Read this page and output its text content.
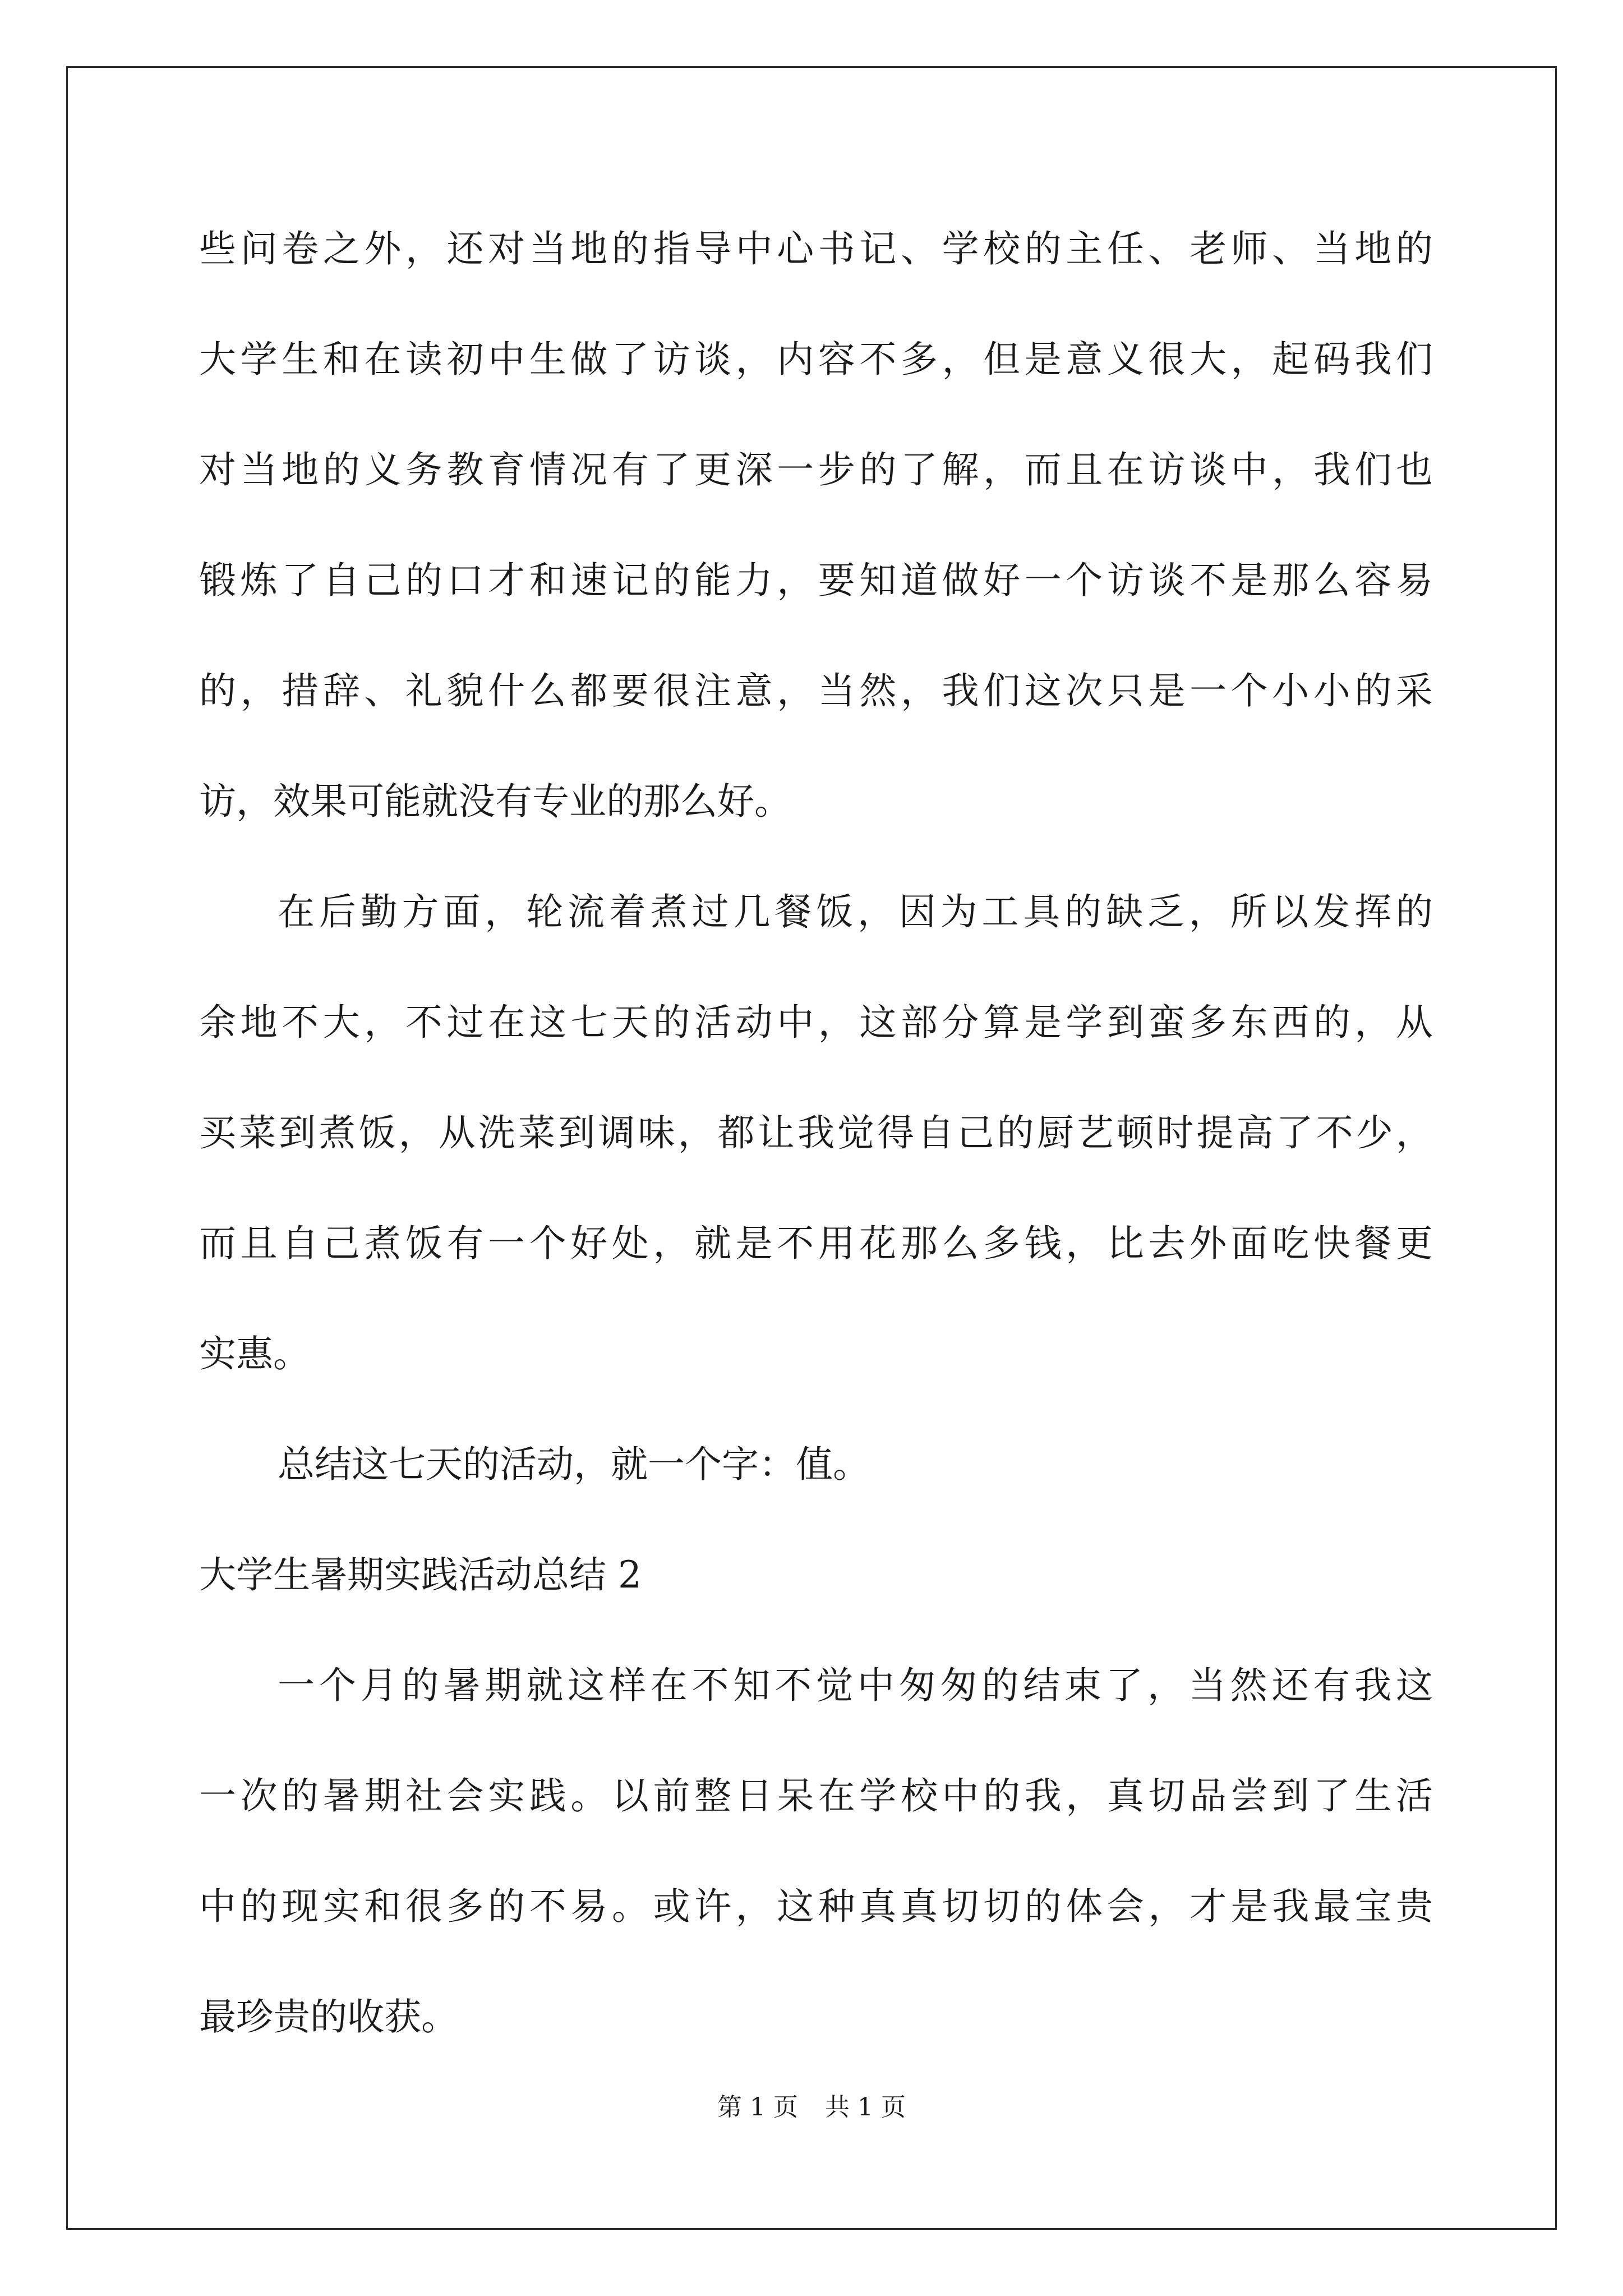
些问卷之外，还对当地的指导中心书记、学校的主任、老师、当地的
大学生和在读初中生做了访谈，内容不多，但是意义很大，起码我们
对当地的义务教育情况有了更深一步的了解，而且在访谈中，我们也
锻炼了自己的口才和速记的能力，要知道做好一个访谈不是那么容易
的，措辞、礼貌什么都要很注意，当然，我们这次只是一个小小的采
访，效果可能就没有专业的那么好。
在后勤方面，轮流着煮过几餐饭，因为工具的缺乏，所以发挥的
余地不大，不过在这七天的活动中，这部分算是学到蛮多东西的，从
买菜到煮饭，从洗菜到调味，都让我觉得自己的厨艺顿时提高了不少，
而且自己煮饭有一个好处，就是不用花那么多钱，比去外面吃快餐更
实惠。
总结这七天的活动，就一个字：值。
大学生暑期实践活动总结 2
一个月的暑期就这样在不知不觉中匆匆的结束了，当然还有我这
一次的暑期社会实践。以前整日呆在学校中的我，真切品尝到了生活
中的现实和很多的不易。或许，这种真真切切的体会，才是我最宝贵
最珍贵的收获。
第 1 页 共 1 页
